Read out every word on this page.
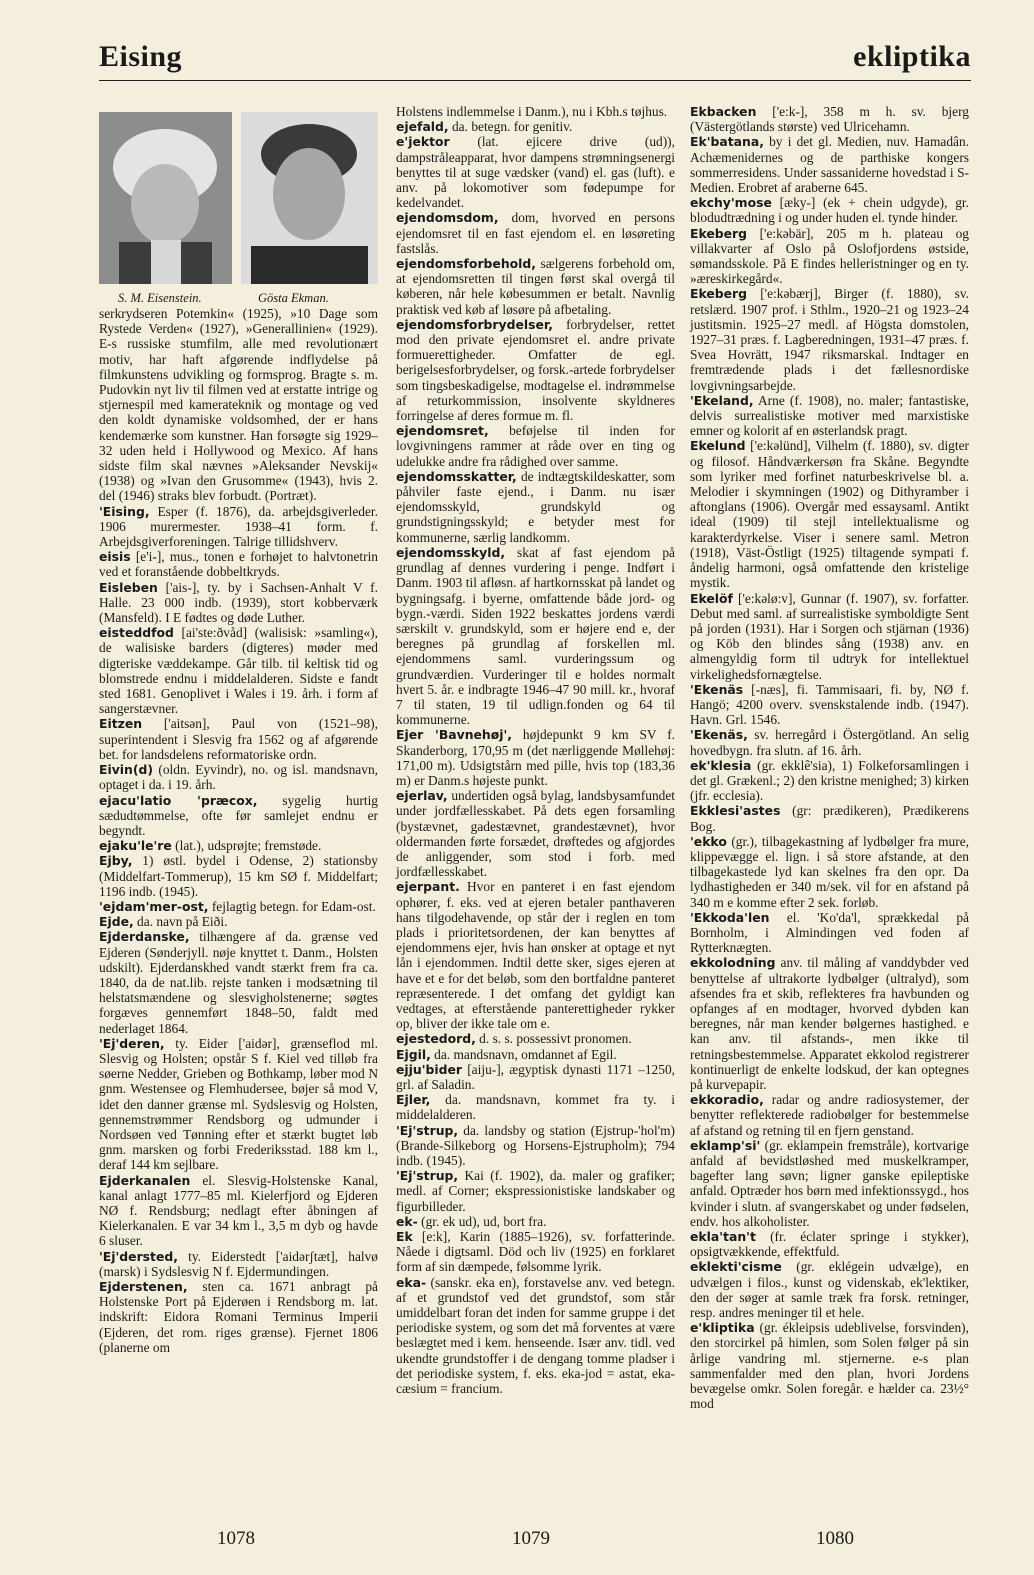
Eising	ekliptika
S. M. Eisenstein.	Gösta Ekman.

serkrydseren Potemkin« (1925), »10 Dage som Rystede Verden« (1927), »Generallinien« (1929). E-s russiske stumfilm, alle med revolutionært motiv, har haft afgørende indflydelse på filmkunstens udvikling og formsprog. Bragte s. m. Pudovkin nyt liv til filmen ved at erstatte intrige og stjernespil med kamerateknik og montage og ved den koldt dynamiske voldsomhed, der er hans kendemærke som kunstner. Han forsøgte sig 1929–32 uden held i Hollywood og Mexico. Af hans sidste film skal nævnes »Aleksander Nevskij« (1938) og »Ivan den Grusomme« (1943), hvis 2. del (1946) straks blev forbudt. (Portræt).

'Eising, Esper (f. 1876), da. arbejdsgiverleder. 1906 murermester. 1938–41 form. f. Arbejdsgiverforeningen. Talrige tillidshverv.

eisis [e'i-], mus., tonen e forhøjet to halvtonetrin ved et foranstående dobbeltkryds.

Eisleben ['ais-], ty. by i Sachsen-Anhalt V f. Halle. 23 000 indb. (1939), stort kobberværk (Mansfeld). I E fødtes og døde Luther.

eisteddfod [ai'ste:ðvåd] (walisisk: »samling«), de walisiske barders (digteres) møder med digteriske væddekampe. Går tilb. til keltisk tid og blomstrede endnu i middelalderen. Sidste e fandt sted 1681. Genoplivet i Wales i 19. årh. i form af sangerstævner.

Eitzen ['aitsən], Paul von (1521–98), superintendent i Slesvig fra 1562 og af afgørende bet. for landsdelens reformatoriske ordn.

Eivin(d) (oldn. Eyvindr), no. og isl. mandsnavn, optaget i da. i 19. årh.

ejacu'latio 'præcox, sygelig hurtig sædudtømmelse, ofte før samlejet endnu er begyndt.

ejaku'le're (lat.), udsprøjte; fremstøde.

Ejby, 1) østl. bydel i Odense, 2) stationsby (Middelfart-Tommerup), 15 km SØ f. Middelfart; 1196 indb. (1945).

'ejdam'mer-ost, fejlagtig betegn. for Edam-ost.

Ejde, da. navn på Eiði.

Ejderdanske, tilhængere af da. grænse ved Ejderen (Sønderjyll. nøje knyttet t. Danm., Holsten udskilt). Ejderdanskhed vandt stærkt frem fra ca. 1840, da de nat.lib. rejste tanken i modsætning til helstatsmændene og slesvigholstenerne; søgtes forgæves gennemført 1848–50, faldt med nederlaget 1864.

'Ej'deren, ty. Eider ['aidər], grænseflod ml. Slesvig og Holsten; opstår S f. Kiel ved tilløb fra søerne Nedder, Grieben og Bothkamp, løber mod N gnm. Westensee og Flemhudersee, bøjer så mod V, idet den danner grænse ml. Sydslesvig og Holsten, gennemstrømmer Rendsborg og udmunder i Nordsøen ved Tønning efter et stærkt bugtet løb gnm. marsken og forbi Frederiksstad. 188 km l., deraf 144 km sejlbare.

Ejderkanalen el. Slesvig-Holstenske Kanal, kanal anlagt 1777–85 ml. Kielerfjord og Ejderen NØ f. Rendsburg; nedlagt efter åbningen af Kielerkanalen. E var 34 km l., 3,5 m dyb og havde 6 sluser.

'Ej'dersted, ty. Eiderstedt ['aidərʃtæt], halvø (marsk) i Sydslesvig N f. Ejdermundingen.

Ejderstenen, sten ca. 1671 anbragt på Holstenske Port på Ejderøen i Rendsborg m. lat. indskrift: Eidora Romani Terminus Imperii (Ejderen, det rom. riges grænse). Fjernet 1806 (planerne om

Holstens indlemmelse i Danm.), nu i Kbh.s tøjhus.

ejefald, da. betegn. for genitiv.

e'jektor (lat. ejicere drive (ud)), dampstråleapparat, hvor dampens strømningsenergi benyttes til at suge vædsker (vand) el. gas (luft). e anv. på lokomotiver som fødepumpe for kedelvandet.

ejendomsdom, dom, hvorved en persons ejendomsret til en fast ejendom el. en løsøreting fastslås.

ejendomsforbehold, sælgerens forbehold om, at ejendomsretten til tingen først skal overgå til køberen, når hele købesummen er betalt. Navnlig praktisk ved køb af løsøre på afbetaling.

ejendomsforbrydelser, forbrydelser, rettet mod den private ejendomsret el. andre private formuerettigheder. Omfatter de egl. berigelsesforbrydelser, og forsk.-artede forbrydelser som tingsbeskadigelse, modtagelse el. indrømmelse af returkommission, insolvente skyldneres forringelse af deres formue m. fl.

ejendomsret, beføjelse til inden for lovgivningens rammer at råde over en ting og udelukke andre fra rådighed over samme.

ejendomsskatter, de indtægtskildeskatter, som påhviler faste ejend., i Danm. nu især ejendomsskyld, grundskyld og grundstigningsskyld; e betyder mest for kommunerne, særlig landkomm.

ejendomsskyld, skat af fast ejendom på grundlag af dennes vurdering i penge. Indført i Danm. 1903 til afløsn. af hartkornsskat på landet og bygningsafg. i byerne, omfattende både jord- og bygn.-værdi. Siden 1922 beskattes jordens værdi særskilt v. grundskyld, som er højere end e, der beregnes på grundlag af forskellen ml. ejendommens saml. vurderingssum og grundværdien. Vurderinger til e holdes normalt hvert 5. år. e indbragte 1946–47 90 mill. kr., hvoraf 7 til staten, 19 til udlign.fonden og 64 til kommunerne.

Ejer 'Bavnehøj', højdepunkt 9 km SV f. Skanderborg, 170,95 m (det nærliggende Møllehøj: 171,00 m). Udsigtstårn med pille, hvis top (183,36 m) er Danm.s højeste punkt.

ejerlav, undertiden også bylag, landsbysamfundet under jordfællesskabet. På dets egen forsamling (bystævnet, gadestævnet, grandestævnet), hvor oldermanden førte forsædet, drøftedes og afgjordes de anliggender, som stod i forb. med jordfællesskabet.

ejerpant. Hvor en panteret i en fast ejendom ophører, f. eks. ved at ejeren betaler panthaveren hans tilgodehavende, op står der i reglen en tom plads i prioritetsordenen, der kan benyttes af ejendommens ejer, hvis han ønsker at optage et nyt lån i ejendommen. Indtil dette sker, siges ejeren at have et e for det beløb, som den bortfaldne panteret repræsenterede. I det omfang det gyldigt kan vedtages, at efterstående panterettigheder rykker op, bliver der ikke tale om e.

ejestedord, d. s. s. possessivt pronomen.

Ejgil, da. mandsnavn, omdannet af Egil.

ejju'bider [aiju-], ægyptisk dynasti 1171 –1250, grl. af Saladin.

Ejler, da. mandsnavn, kommet fra ty. i middelalderen.

'Ej'strup, da. landsby og station (Ejstrup-'hol'm) (Brande-Silkeborg og Horsens-Ejstrupholm); 794 indb. (1945).

'Ej'strup, Kai (f. 1902), da. maler og grafiker; medl. af Corner; ekspressionistiske landskaber og figurbilleder.

ek- (gr. ek ud), ud, bort fra.

Ek [e:k], Karin (1885–1926), sv. forfatterinde. Nåede i digtsaml. Död och liv (1925) en forklaret form af sin dæmpede, følsomme lyrik.

eka- (sanskr. eka en), forstavelse anv. ved betegn. af et grundstof ved det grundstof, som står umiddelbart foran det inden for samme gruppe i det periodiske system, og som det må forventes at være beslægtet med i kem. henseende. Især anv. tidl. ved ukendte grundstoffer i de dengang tomme pladser i det periodiske system, f. eks. eka-jod = astat, eka-cæsium = francium.

Ekbacken ['e:k-], 358 m h. sv. bjerg (Västergötlands største) ved Ulricehamn.

Ek'batana, by i det gl. Medien, nuv. Hamadân. Achæmenidernes og de parthiske kongers sommerresidens. Under sassaniderne hovedstad i S-Medien. Erobret af araberne 645.

ekchy'mose [æky-] (ek + chein udgyde), gr. blodudtrædning i og under huden el. tynde hinder.

Ekeberg ['e:kəbär], 205 m h. plateau og villakvarter af Oslo på Oslofjordens østside, sømandsskole. På E findes helleristninger og en ty. »æreskirkegård«.

Ekeberg ['e:kəbærj], Birger (f. 1880), sv. retslærd. 1907 prof. i Sthlm., 1920–21 og 1923–24 justitsmin. 1925–27 medl. af Högsta domstolen, 1927–31 præs. f. Lagberedningen, 1931–47 præs. f. Svea Hovrätt, 1947 riksmarskal. Indtager en fremtrædende plads i det fællesnordiske lovgivningsarbejde.

'Ekeland, Arne (f. 1908), no. maler; fantastiske, delvis surrealistiske motiver med marxistiske emner og kolorit af en østerlandsk pragt.

Ekelund ['e:kəlünd], Vilhelm (f. 1880), sv. digter og filosof. Håndværkersøn fra Skåne. Begyndte som lyriker med forfinet naturbeskrivelse bl. a. Melodier i skymningen (1902) og Dithyramber i aftonglans (1906). Overgår med essaysaml. Antikt ideal (1909) til stejl intellektualisme og karakterdyrkelse. Viser i senere saml. Metron (1918), Väst-Östligt (1925) tiltagende sympati f. åndelig harmoni, også omfattende den kristelige mystik.

Ekelöf ['e:kəlø:v], Gunnar (f. 1907), sv. forfatter. Debut med saml. af surrealistiske symboldigte Sent på jorden (1931). Har i Sorgen och stjärnan (1936) og Köb den blindes sång (1938) anv. en almengyldig form til udtryk for intellektuel virkelighedsfornægtelse.

'Ekenäs [-næs], fi. Tammisaari, fi. by, NØ f. Hangö; 4200 overv. svenskstalende indb. (1947). Havn. Grl. 1546.

'Ekenäs, sv. herregård i Östergötland. An selig hovedbygn. fra slutn. af 16. årh.

ek'klesia (gr. ekklê'sia), 1) Folkeforsamlingen i det gl. Grækenl.; 2) den kristne menighed; 3) kirken (jfr. ecclesia).

Ekklesi'astes (gr: prædikeren), Prædikerens Bog.

'ekko (gr.), tilbagekastning af lydbølger fra mure, klippevægge el. lign. i så store afstande, at den tilbagekastede lyd kan skelnes fra den opr. Da lydhastigheden er 340 m/sek. vil for en afstand på 340 m e komme efter 2 sek. forløb.

'Ekkoda'len el. 'Ko'da'l, sprækkedal på Bornholm, i Almindingen ved foden af Rytterknægten.

ekkolodning anv. til måling af vanddybder ved benyttelse af ultrakorte lydbølger (ultralyd), som afsendes fra et skib, reflekteres fra havbunden og opfanges af en modtager, hvorved dybden kan beregnes, når man kender bølgernes hastighed. e kan anv. til afstands-, men ikke til retningsbestemmelse. Apparatet ekkolod registrerer kontinuerligt de enkelte lodskud, der kan optegnes på kurvepapir.

ekkoradio, radar og andre radiosystemer, der benytter reflekterede radiobølger for bestemmelse af afstand og retning til en fjern genstand.

eklamp'si' (gr. eklampein fremstråle), kortvarige anfald af bevidstløshed med muskelkramper, bagefter lang søvn; ligner ganske epileptiske anfald. Optræder hos børn med infektionssygd., hos kvinder i slutn. af svangerskabet og under fødselen, endv. hos alkoholister.

ekla'tan't (fr. éclater springe i stykker), opsigtvækkende, effektfuld.

eklekti'cisme (gr. eklégein udvælge), en udvælgen i filos., kunst og videnskab, ek'lektiker, den der søger at samle træk fra forsk. retninger, resp. andres meninger til et hele.

e'kliptika (gr. ékleipsis udeblivelse, forsvinden), den storcirkel på himlen, som Solen følger på sin årlige vandring ml. stjernerne. e-s plan sammenfalder med den plan, hvori Jordens bevægelse omkr. Solen foregår. e hælder ca. 23½° mod

1078	1079	1080
